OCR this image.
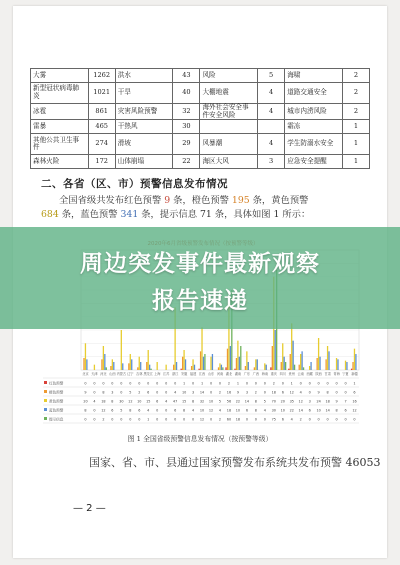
大雾	1262	洪水	43	风险	5	海啸	2
新型冠状病毒肺炎	1021	干旱	40	大棚地震	4	道路交通安全	2
冰雹	861	灾害风险预警	32	海外社会安全事件安全风险	4	城市内涝风险	2
雷暴	465	干热风	30			霜冻	1
其他公共卫生事件	274	滑坡	29	风暴潮	4	学生防溺水安全	1
森林火险	172	山体崩塌	22	海区大风	3	应急安全提醒	1
二、各省（区、市）预警信息发布情况
全国省级共发布红色预警 9 条，橙色预警 195 条，黄色预警
684 条，蓝色预警 341 条，提示信息 71 条，具体如图 1 所示：
北京 天津 河北 山西 内蒙古 辽宁 吉林 黑龙江 上海 江苏 浙江 安徽 福建 江西 山东 河南 湖北 湖南 广东 广西 海南 重庆 四川 贵州 云南 西藏 陕西 甘肃 青海 宁夏 新疆
红色预警	0 0 0 0 0 0 0 0 0 0 0 1 0 1 0 0 2 1 0 0 0 2 0 1 0 0 0 0 0 0 1
橙色预警	9 0 8 3 0 5 2 6 0 0 4 10 3 14 0 2 16 9 3 2 0 18 6 12 4 0 9 8 0 0 6
黄色预警	20 4 18 8 30 12 10 15 6 4 47 15 8 32 10 5 56 22 14 8 5 70 20 35 12 3 24 18 9 7 16
蓝色预警	8 0 12 6 5 8 6 4 0 0 6 8 4 10 12 4 18 10 6 8 4 30 10 22 14 6 10 14 8 6 12
提示信息	0 0 2 0 0 0 0 1 0 0 0 0 0 12 0 2 60 18 0 0 0 75 6 4 2 0 0 0 0 0 0
图 1 全国省级预警信息发布情况（按预警等级）
国家、省、市、县通过国家预警发布系统共发布预警 46053
— 2 —
周边突发事件最新观察
报告速递
